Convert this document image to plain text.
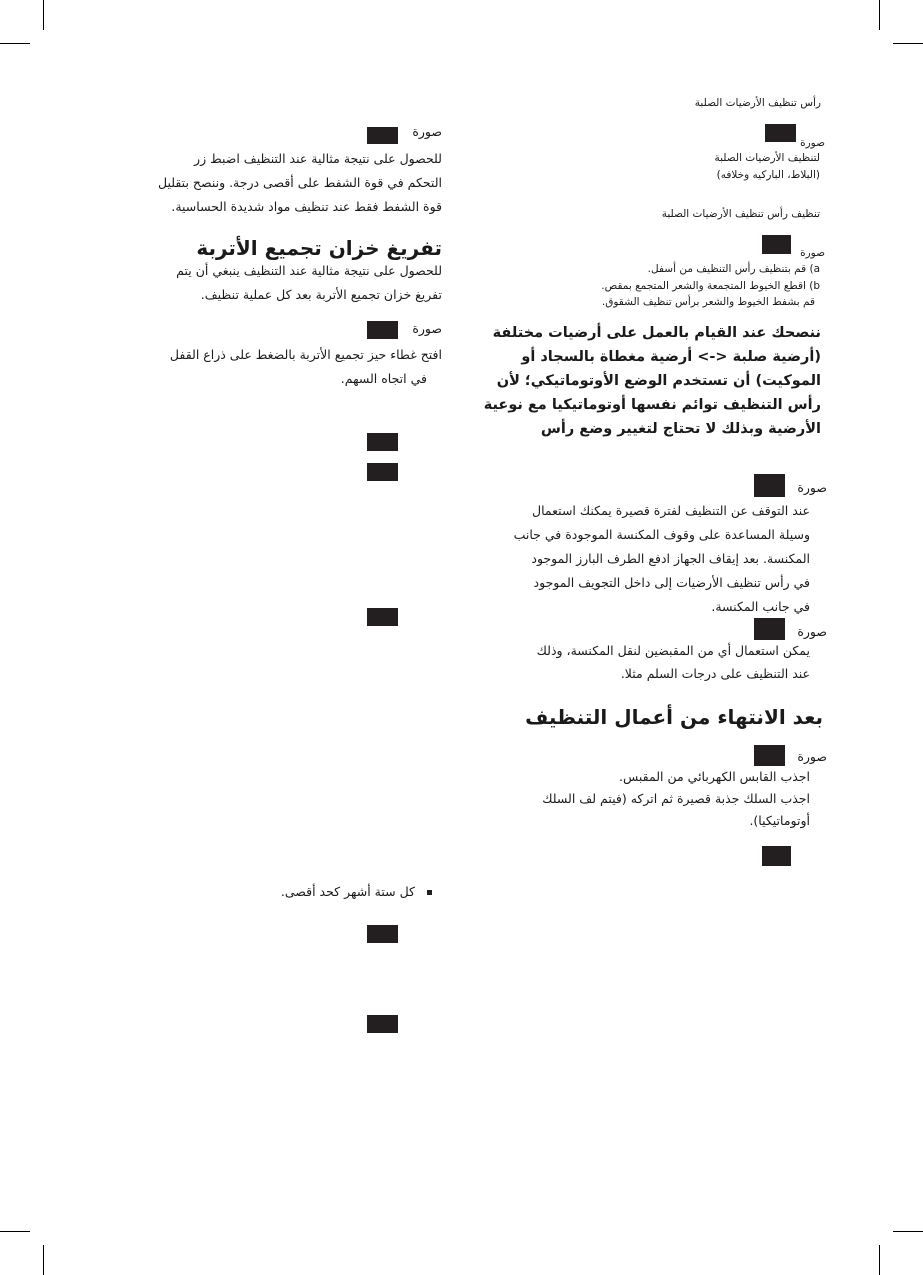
رأس تنظيف الأرضيات الصلبة
صورة
لتنظيف الأرضيات الصلبة
(البلاط، الباركيه وخلافه)
تنظيف رأس تنظيف الأرضيات الصلبة
صورة
a) قم بتنظيف رأس التنظيف من أسفل.
b) اقطع الخيوط المتجمعة والشعر المتجمع بمقص.
قم بشفط الخيوط والشعر برأس تنظيف الشقوق.
ننصحك عند القيام بالعمل على أرضيات مختلفة
(أرضية صلبة <-> أرضية مغطاة بالسجاد أو
الموكيت) أن تستخدم الوضع الأوتوماتيكي؛ لأن
رأس التنظيف توائم نفسها أوتوماتيكيا مع نوعية
الأرضية وبذلك لا تحتاج لتغيير وضع رأس
صورة
عند التوقف عن التنظيف لفترة قصيرة يمكنك استعمال
وسيلة المساعدة على وقوف المكنسة الموجودة في جانب
المكنسة. بعد إيقاف الجهاز ادفع الطرف البارز الموجود
في رأس تنظيف الأرضيات إلى داخل التجويف الموجود
في جانب المكنسة.
صورة
يمكن استعمال أي من المقبضين لنقل المكنسة، وذلك
عند التنظيف على درجات السلم مثلا.
بعد الانتهاء من أعمال التنظيف
صورة
اجذب القابس الكهربائي من المقبس.
اجذب السلك جذبة قصيرة ثم اتركه (فيتم لف السلك
أوتوماتيكيا).
صورة
للحصول على نتيجة مثالية عند التنظيف اضبط زر
التحكم في قوة الشفط على أقصى درجة. وننصح بتقليل
قوة الشفط فقط عند تنظيف مواد شديدة الحساسية.
تفريغ خزان تجميع الأتربة
للحصول على نتيجة مثالية عند التنظيف ينبغي أن يتم
تفريغ خزان تجميع الأتربة بعد كل عملية تنظيف.
صورة
افتح غطاء حيز تجميع الأتربة بالضغط على ذراع القفل
في اتجاه السهم.
كل ستة أشهر كحد أقصى.
